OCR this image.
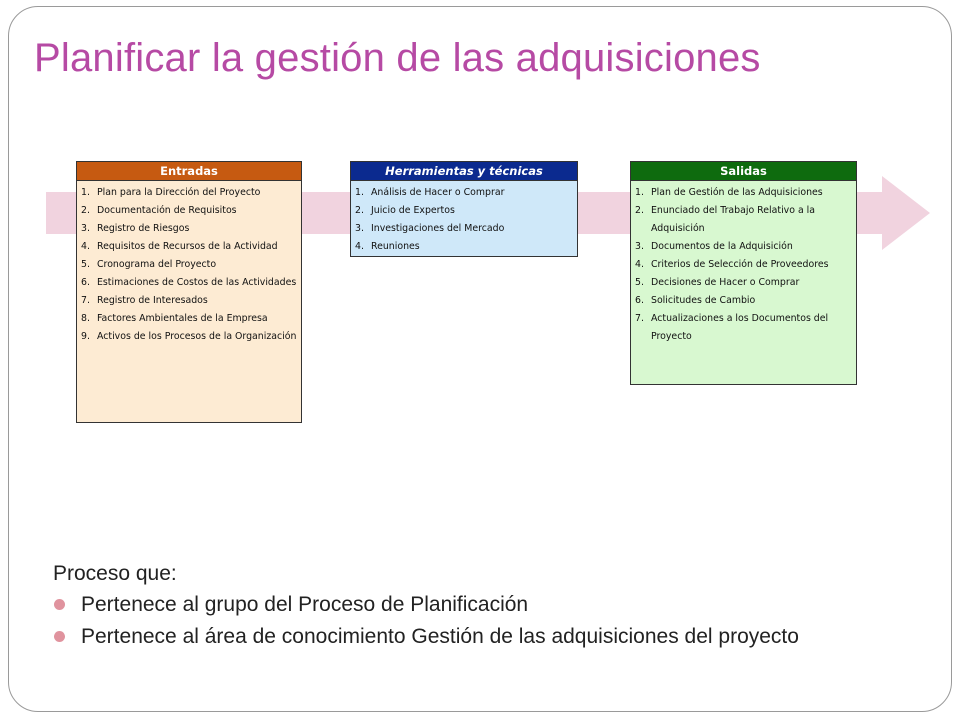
Planificar la gestión de las adquisiciones
Entradas
1. Plan para la Dirección del Proyecto
2. Documentación de Requisitos
3. Registro de Riesgos
4. Requisitos de Recursos de la Actividad
5. Cronograma del Proyecto
6. Estimaciones de Costos de las Actividades
7. Registro de Interesados
8. Factores Ambientales de la Empresa
9. Activos de los Procesos de la Organización
Herramientas y técnicas
1. Análisis de Hacer o Comprar
2. Juicio de Expertos
3. Investigaciones del Mercado
4. Reuniones
Salidas
1. Plan de Gestión de las Adquisiciones
2. Enunciado del Trabajo Relativo a la Adquisición
3. Documentos de la Adquisición
4. Criterios de Selección de Proveedores
5. Decisiones de Hacer o Comprar
6. Solicitudes de Cambio
7. Actualizaciones a los Documentos del Proyecto
Proceso que:
Pertenece al grupo del Proceso de Planificación
Pertenece al área de conocimiento Gestión de las adquisiciones del proyecto
